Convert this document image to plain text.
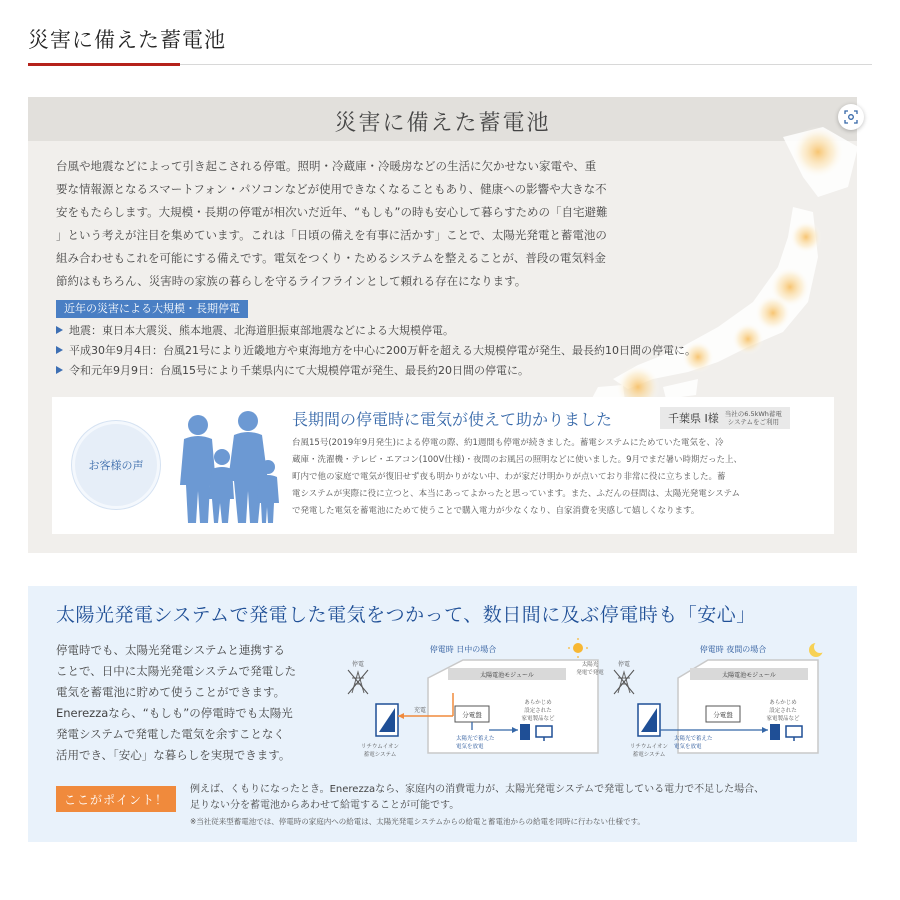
災害に備えた蓄電池
災害に備えた蓄電池
台風や地震などによって引き起こされる停電。照明・冷蔵庫・冷暖房などの生活に欠かせない家電や、重
要な情報源となるスマートフォン・パソコンなどが使用できなくなることもあり、健康への影響や大きな不
安をもたらします。大規模・長期の停電が相次いだ近年、“もしも”の時も安心して暮らすための「自宅避難
」という考えが注目を集めています。これは「日頃の備えを有事に活かす」ことで、太陽光発電と蓄電池の
組み合わせもこれを可能にする備えです。電気をつくり・ためるシステムを整えることが、普段の電気料金
節約はもちろん、災害時の家族の暮らしを守るライフラインとして頼れる存在になります。
近年の災害による大規模・長期停電
地震：東日本大震災、熊本地震、北海道胆振東部地震などによる大規模停電。
平成30年9月4日：台風21号により近畿地方や東海地方を中心に200万軒を超える大規模停電が発生、最長約10日間の停電に。
令和元年9月9日：台風15号により千葉県内にて大規模停電が発生、最長約20日間の停電に。
お客様の声
長期間の停電時に電気が使えて助かりました	千葉県 I様 当社の6.5kWh蓄電
システムをご利用
台風15号(2019年9月発生)による停電の際、約1週間も停電が続きました。蓄電システムにためていた電気を、冷
蔵庫・洗濯機・テレビ・エアコン(100V仕様)・夜間のお風呂の照明などに使いました。9月でまだ暑い時期だった上、
町内で他の家庭で電気が復旧せず夜も明かりがない中、わが家だけ明かりが点いており非常に役に立ちました。蓄
電システムが実際に役に立つと、本当にあってよかったと思っています。また、ふだんの昼間は、太陽光発電システム
で発電した電気を蓄電池にためて使うことで購入電力が少なくなり、自家消費を実感して嬉しくなります。
太陽光発電システムで発電した電気をつかって、数日間に及ぶ停電時も「安心」
停電時でも、太陽光発電システムと連携する
ことで、日中に太陽光発電システムで発電した
電気を蓄電池に貯めて使うことができます。
Enerezzaなら、“もしも”の停電時でも太陽光
発電システムで発電した電気を余すことなく
活用でき、「安心」な暮らしを実現できます。
停電時 日中の場合
停電
太陽電池モジュール
太陽光
発電で発電
充電
分電盤
太陽光で蓄えた
電気を放電
あらかじめ
設定された
家電製品など
リチウムイオン
蓄電システム
停電時 夜間の場合
停電
太陽電池モジュール
分電盤
太陽光で蓄えた
電気を放電
あらかじめ
設定された
家電製品など
リチウムイオン
蓄電システム
ここがポイント！
例えば、くもりになったとき。Enerezzaなら、家庭内の消費電力が、太陽光発電システムで発電している電力で不足した場合、
足りない分を蓄電池からあわせて給電することが可能です。
※当社従来型蓄電池では、停電時の家庭内への給電は、太陽光発電システムからの給電と蓄電池からの給電を同時に行わない仕様です。
